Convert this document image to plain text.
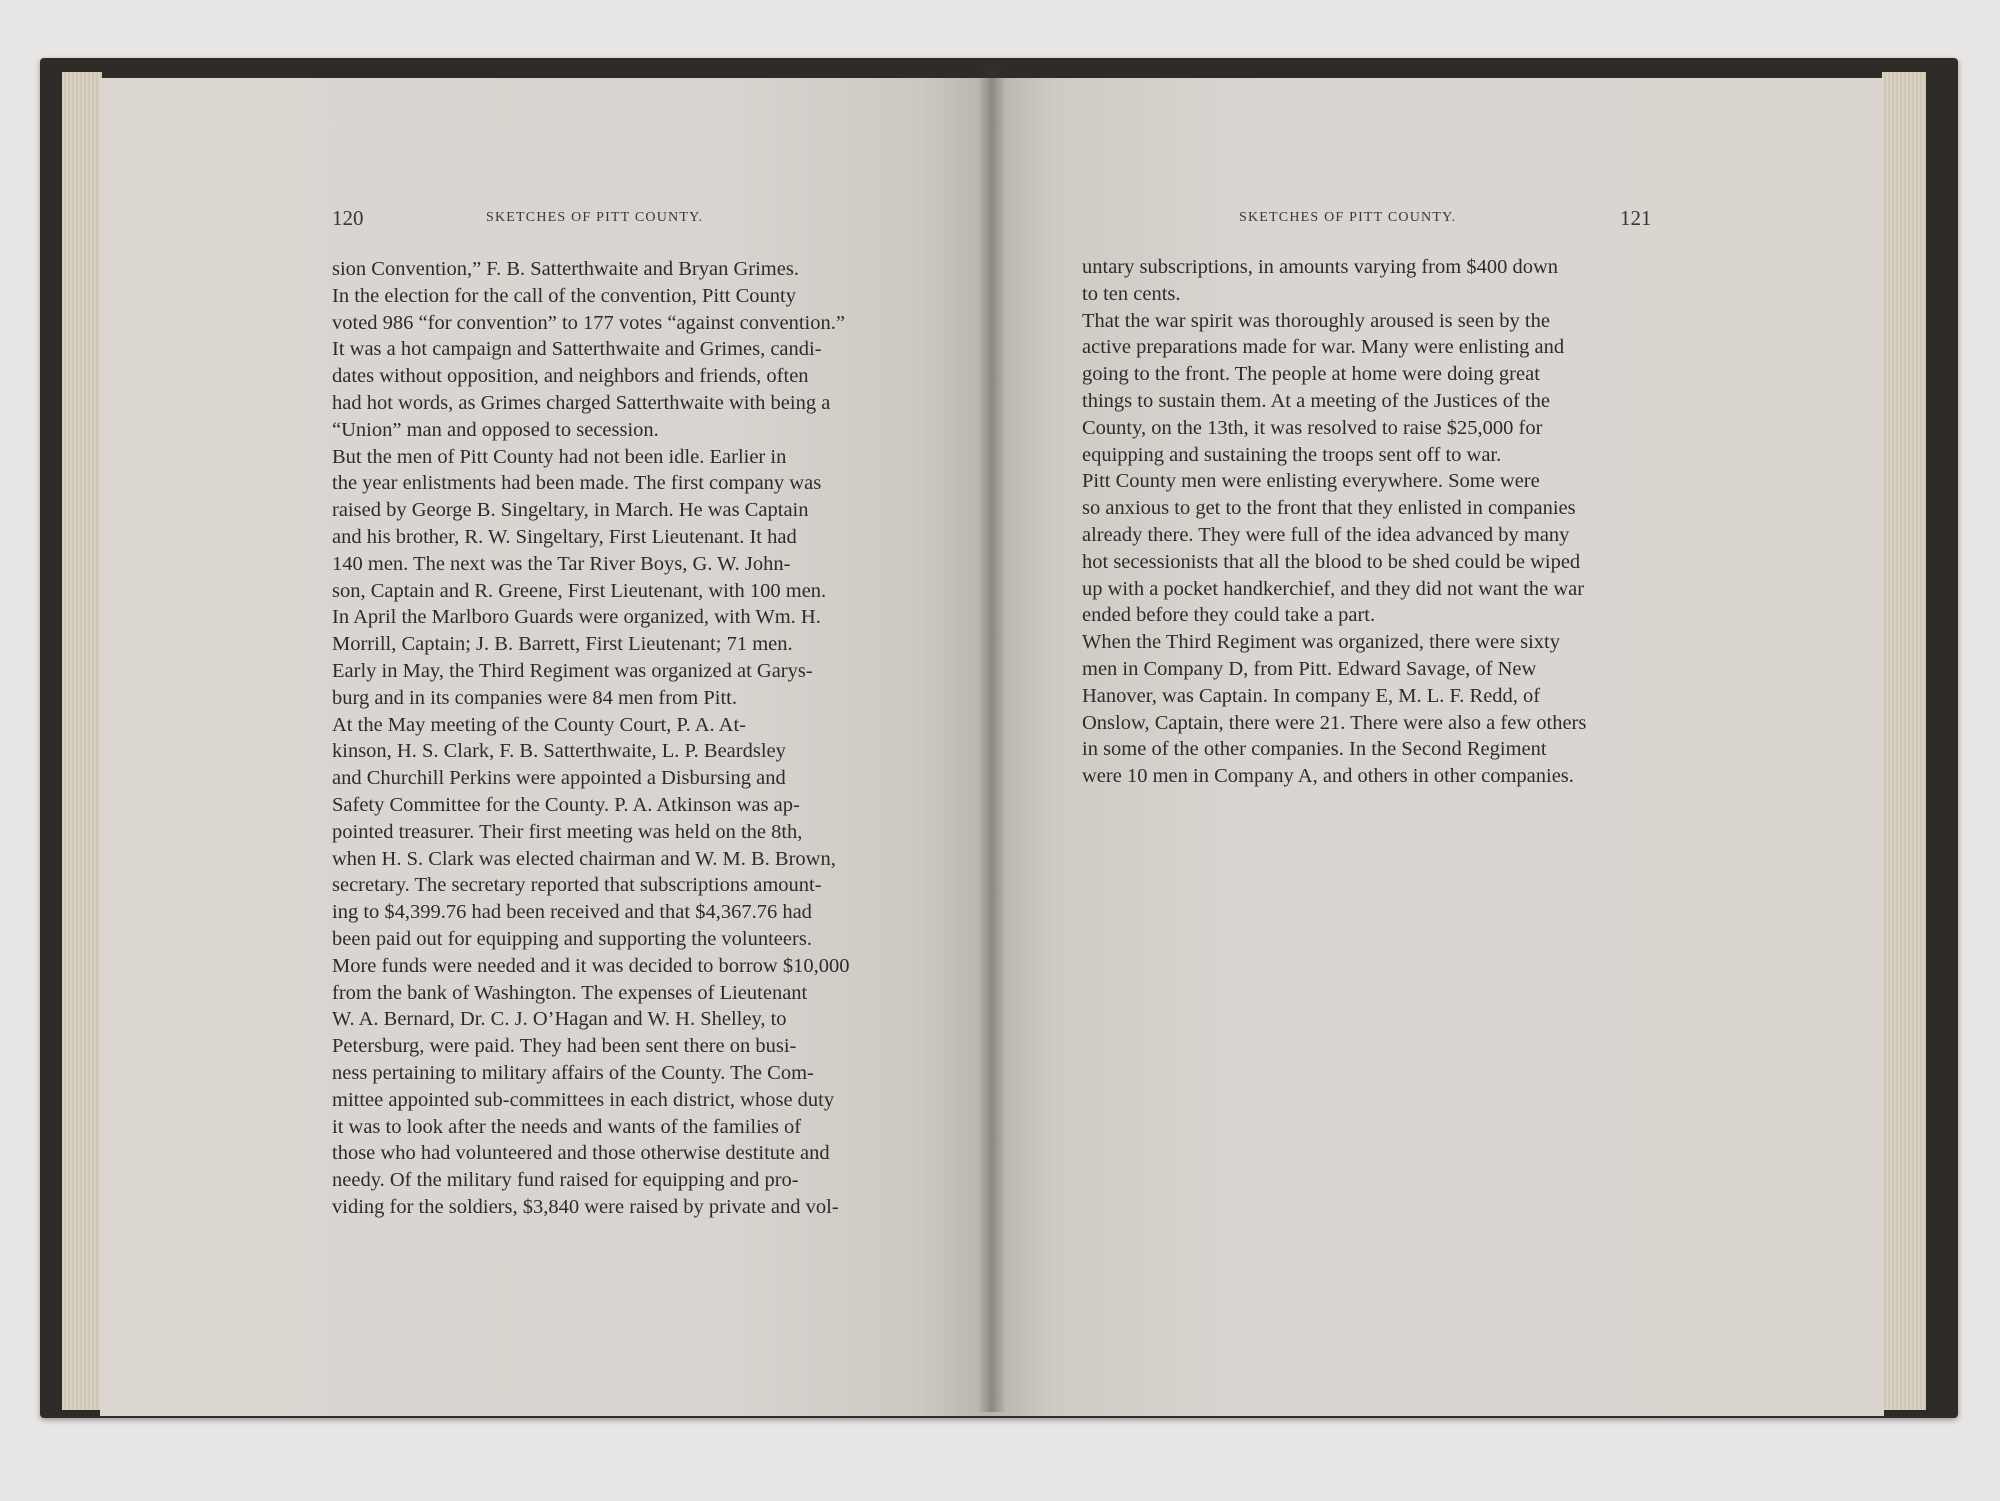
120	SKETCHES OF PITT COUNTY.
sion Convention,” F. B. Satterthwaite and Bryan Grimes.
In the election for the call of the convention, Pitt County
voted 986 “for convention” to 177 votes “against convention.”
It was a hot campaign and Satterthwaite and Grimes, candi-
dates without opposition, and neighbors and friends, often
had hot words, as Grimes charged Satterthwaite with being a
“Union” man and opposed to secession.
But the men of Pitt County had not been idle. Earlier in
the year enlistments had been made. The first company was
raised by George B. Singeltary, in March. He was Captain
and his brother, R. W. Singeltary, First Lieutenant. It had
140 men. The next was the Tar River Boys, G. W. John-
son, Captain and R. Greene, First Lieutenant, with 100 men.
In April the Marlboro Guards were organized, with Wm. H.
Morrill, Captain; J. B. Barrett, First Lieutenant; 71 men.
Early in May, the Third Regiment was organized at Garys-
burg and in its companies were 84 men from Pitt.
At the May meeting of the County Court, P. A. At-
kinson, H. S. Clark, F. B. Satterthwaite, L. P. Beardsley
and Churchill Perkins were appointed a Disbursing and
Safety Committee for the County. P. A. Atkinson was ap-
pointed treasurer. Their first meeting was held on the 8th,
when H. S. Clark was elected chairman and W. M. B. Brown,
secretary. The secretary reported that subscriptions amount-
ing to $4,399.76 had been received and that $4,367.76 had
been paid out for equipping and supporting the volunteers.
More funds were needed and it was decided to borrow $10,000
from the bank of Washington. The expenses of Lieutenant
W. A. Bernard, Dr. C. J. O’Hagan and W. H. Shelley, to
Petersburg, were paid. They had been sent there on busi-
ness pertaining to military affairs of the County. The Com-
mittee appointed sub-committees in each district, whose duty
it was to look after the needs and wants of the families of
those who had volunteered and those otherwise destitute and
needy. Of the military fund raised for equipping and pro-
viding for the soldiers, $3,840 were raised by private and vol-
SKETCHES OF PITT COUNTY.	121
untary subscriptions, in amounts varying from $400 down
to ten cents.
That the war spirit was thoroughly aroused is seen by the
active preparations made for war. Many were enlisting and
going to the front. The people at home were doing great
things to sustain them. At a meeting of the Justices of the
County, on the 13th, it was resolved to raise $25,000 for
equipping and sustaining the troops sent off to war.
Pitt County men were enlisting everywhere. Some were
so anxious to get to the front that they enlisted in companies
already there. They were full of the idea advanced by many
hot secessionists that all the blood to be shed could be wiped
up with a pocket handkerchief, and they did not want the war
ended before they could take a part.
When the Third Regiment was organized, there were sixty
men in Company D, from Pitt. Edward Savage, of New
Hanover, was Captain. In company E, M. L. F. Redd, of
Onslow, Captain, there were 21. There were also a few others
in some of the other companies. In the Second Regiment
were 10 men in Company A, and others in other companies.
